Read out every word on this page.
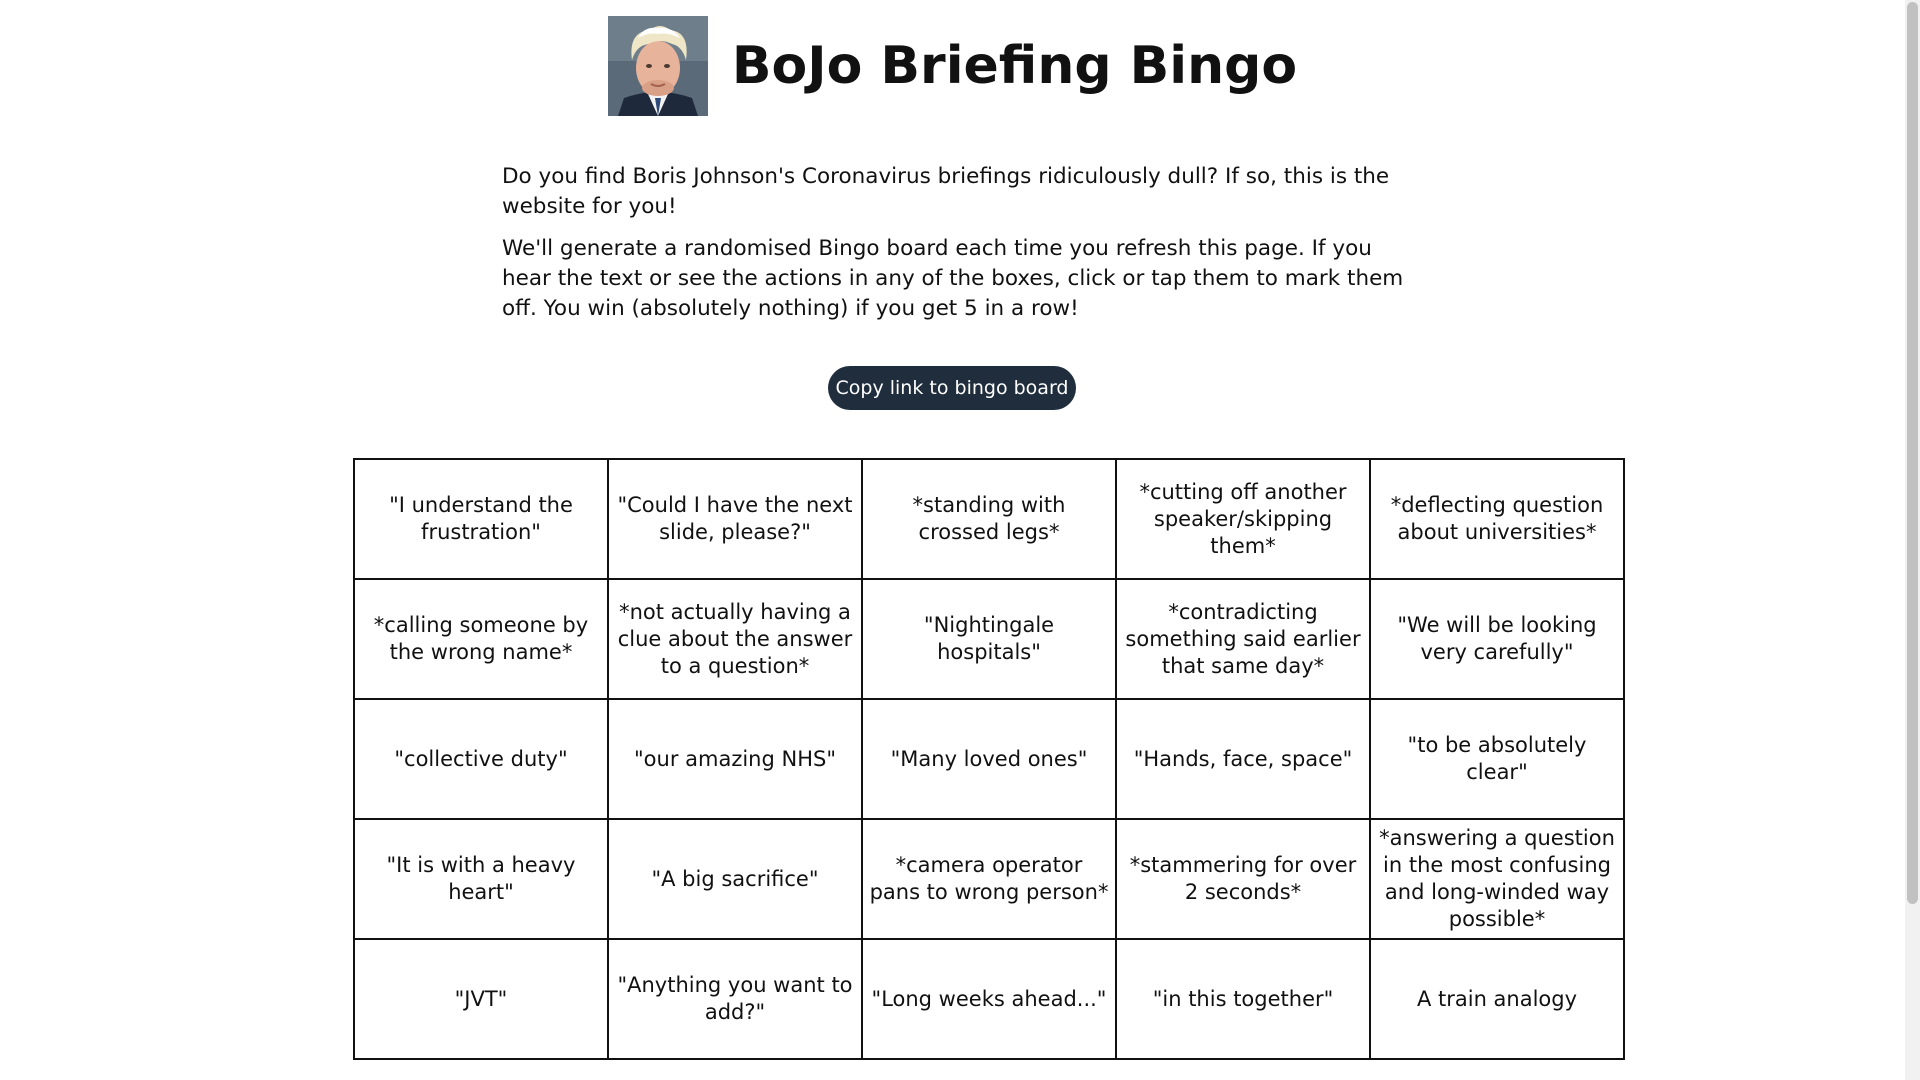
BoJo Briefing Bingo

Do you find Boris Johnson's Coronavirus briefings ridiculously dull? If so, this is the website for you!

We'll generate a randomised Bingo board each time you refresh this page. If you hear the text or see the actions in any of the boxes, click or tap them to mark them off. You win (absolutely nothing) if you get 5 in a row!

Copy link to bingo board
"I understand the frustration"	"Could I have the next slide, please?"	*standing with crossed legs*	*cutting off another speaker/skipping them*	*deflecting question about universities*
*calling someone by the wrong name*	*not actually having a clue about the answer to a question*	"Nightingale hospitals"	*contradicting something said earlier that same day*	"We will be looking very carefully"
"collective duty"	"our amazing NHS"	"Many loved ones"	"Hands, face, space"	"to be absolutely clear"
"It is with a heavy heart"	"A big sacrifice"	*camera operator pans to wrong person*	*stammering for over 2 seconds*	*answering a question in the most confusing and long-winded way possible*
"JVT"	"Anything you want to add?"	"Long weeks ahead..."	"in this together"	A train analogy
